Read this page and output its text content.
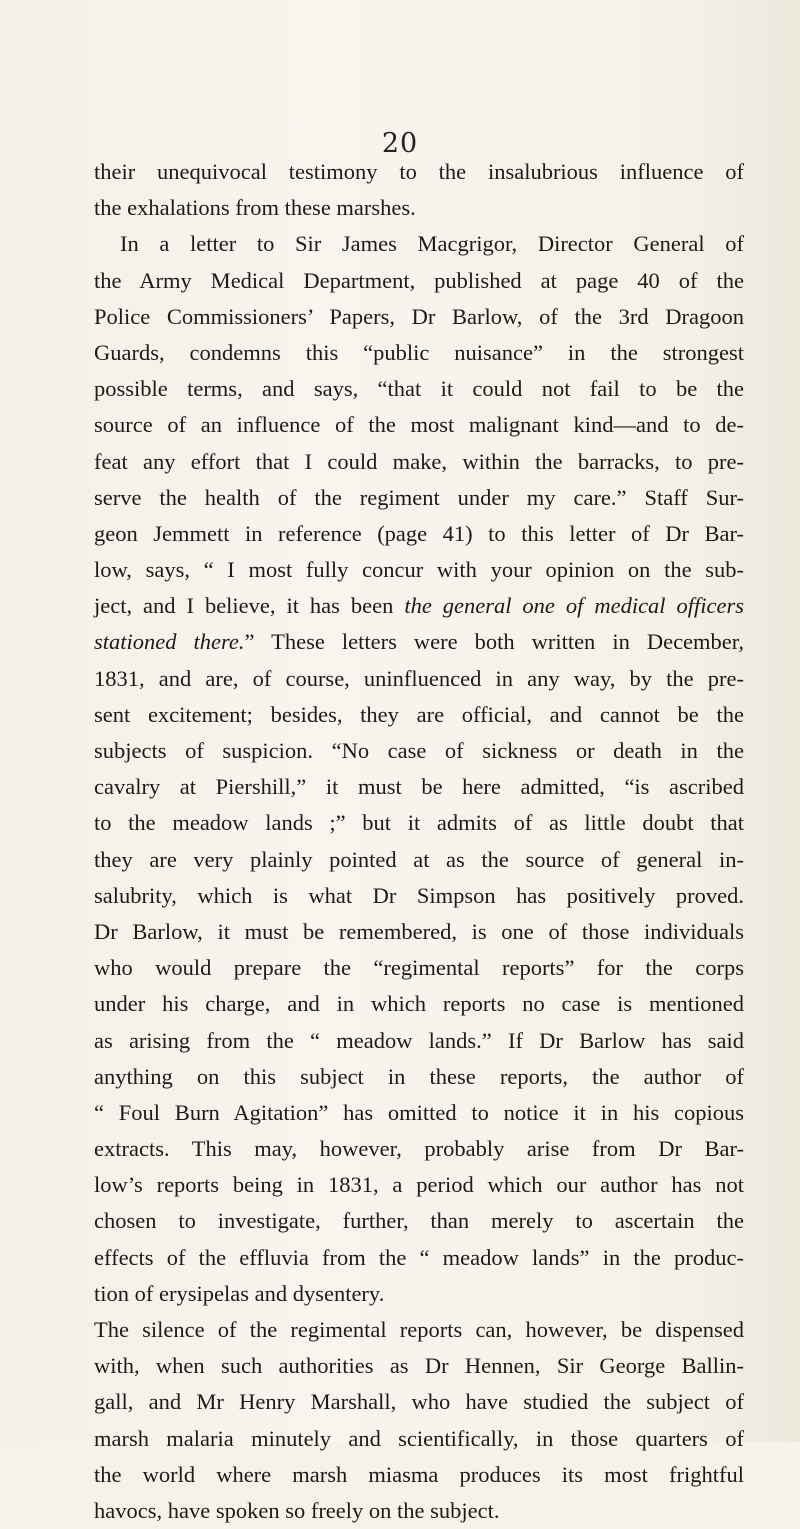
20
their unequivocal testimony to the insalubrious influence of
the exhalations from these marshes.
In a letter to Sir James Macgrigor, Director General of
the Army Medical Department, published at page 40 of the
Police Commissioners’ Papers, Dr Barlow, of the 3rd Dragoon
Guards, condemns this “public nuisance” in the strongest
possible terms, and says, “that it could not fail to be the
source of an influence of the most malignant kind—and to de-
feat any effort that I could make, within the barracks, to pre-
serve the health of the regiment under my care.” Staff Sur-
geon Jemmett in reference (page 41) to this letter of Dr Bar-
low, says, “ I most fully concur with your opinion on the sub-
ject, and I believe, it has been the general one of medical officers
stationed there.” These letters were both written in December,
1831, and are, of course, uninfluenced in any way, by the pre-
sent excitement; besides, they are official, and cannot be the
subjects of suspicion. “No case of sickness or death in the
cavalry at Piershill,” it must be here admitted, “is ascribed
to the meadow lands ;” but it admits of as little doubt that
they are very plainly pointed at as the source of general in-
salubrity, which is what Dr Simpson has positively proved.
Dr Barlow, it must be remembered, is one of those individuals
who would prepare the “regimental reports” for the corps
under his charge, and in which reports no case is mentioned
as arising from the “ meadow lands.” If Dr Barlow has said
anything on this subject in these reports, the author of
“ Foul Burn Agitation” has omitted to notice it in his copious
extracts. This may, however, probably arise from Dr Bar-
low’s reports being in 1831, a period which our author has not
chosen to investigate, further, than merely to ascertain the
effects of the effluvia from the “ meadow lands” in the produc-
tion of erysipelas and dysentery.
The silence of the regimental reports can, however, be dispensed
with, when such authorities as Dr Hennen, Sir George Ballin-
gall, and Mr Henry Marshall, who have studied the subject of
marsh malaria minutely and scientifically, in those quarters of
the world where marsh miasma produces its most frightful
havocs, have spoken so freely on the subject.
